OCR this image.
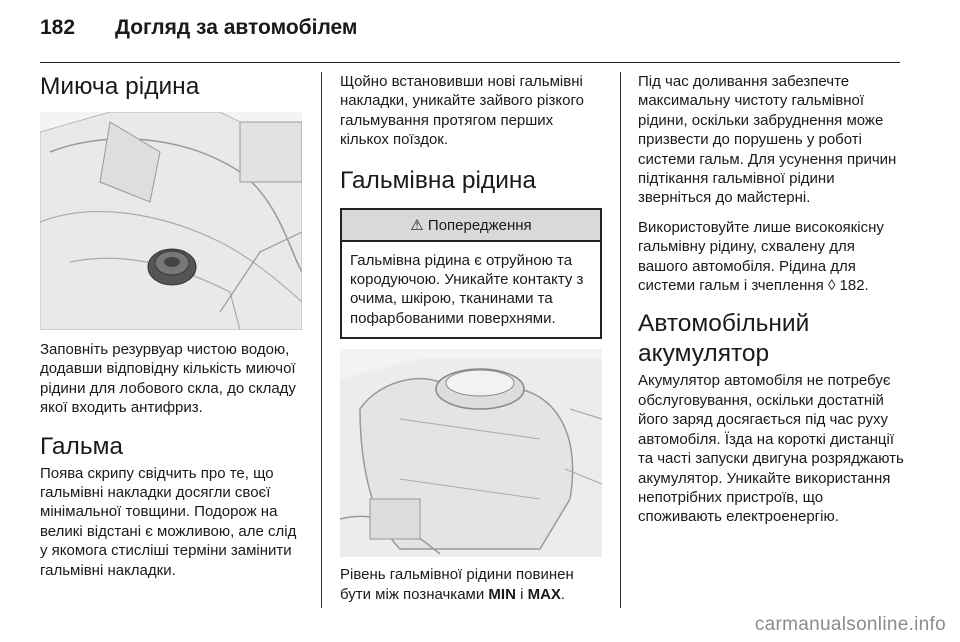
182 Догляд за автомобілем
Миюча рідина

Заповніть резурвуар чистою водою, додавши відповідну кількість миючої рідини для лобового скла, до складу якої входить антифриз.

Гальма

Поява скрипу свідчить про те, що гальмівні накладки досягли своєї мінімальної товщини. Подорож на великі відстані є можливою, але слід у якомога стисліші терміни замінити гальмівні накладки.

Щойно встановивши нові гальмівні накладки, уникайте зайвого різкого гальмування протягом перших кількох поїздок.

Гальмівна рідина
⚠ Попередження
Гальмівна рідина є отруйною та кородуючою. Уникайте контакту з очима, шкірою, тканинами та пофарбованими поверхнями.

Рівень гальмівної рідини повинен бути між позначками MIN і MAX.

Під час доливання забезпечте максимальну чистоту гальмівної рідини, оскільки забруднення може призвести до порушень у роботі системи гальм. Для усунення причин підтікання гальмівної рідини зверніться до майстерні.

Використовуйте лише високоякісну гальмівну рідину, схвалену для вашого автомобіля. Рідина для системи гальм і зчеплення ◊ 182.

Автомобільний акумулятор

Акумулятор автомобіля не потребує обслуговування, оскільки достатній його заряд досягається під час руху автомобіля. Їзда на короткі дистанції та часті запуски двигуна розряджають акумулятор. Уникайте використання непотрібних пристроїв, що споживають електроенергію.

carmanualsonline.info
